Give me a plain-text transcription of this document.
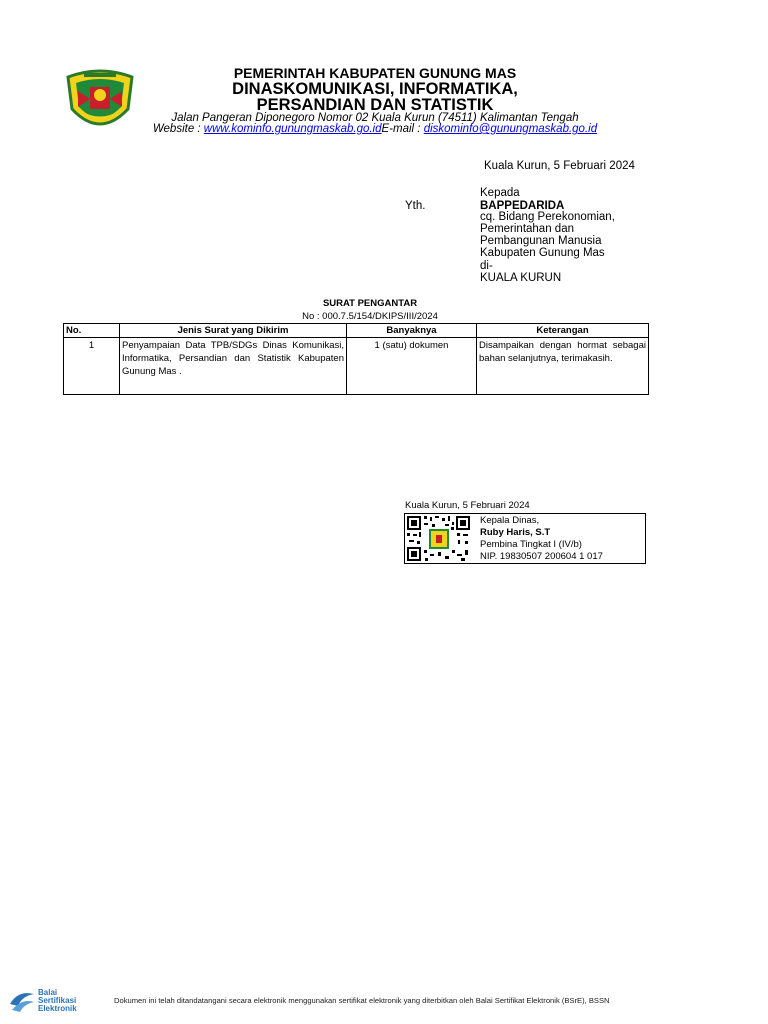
PEMERINTAH KABUPATEN GUNUNG MAS
DINASKOMUNIKASI, INFORMATIKA,
PERSANDIAN DAN STATISTIK
Jalan Pangeran Diponegoro Nomor 02 Kuala Kurun (74511) Kalimantan Tengah
Website : www.kominfo.gunungmaskab.go.idE-mail : diskominfo@gunungmaskab.go.id
Kuala Kurun, 5 Februari 2024
Kepada
Yth.	BAPPEDARIDA
cq. Bidang Perekonomian,
Pemerintahan dan
Pembangunan Manusia
Kabupaten Gunung Mas
di-
KUALA KURUN
SURAT PENGANTAR
No : 000.7.5/154/DKIPS/III/2024
No.	Jenis Surat yang Dikirim	Banyaknya	Keterangan
1	Penyampaian Data TPB/SDGs Dinas Komunikasi, Informatika, Persandian dan Statistik Kabupaten Gunung Mas .	1 (satu) dokumen	Disampaikan dengan hormat sebagai bahan selanjutnya, terimakasih.
Kuala Kurun, 5 Februari 2024
Kepala Dinas,
Ruby Haris, S.T
Pembina Tingkat I (IV/b)
NIP. 19830507 200604 1 017
Balai
Sertifikasi
Elektronik
Dokumen ini telah ditandatangani secara elektronik menggunakan sertifikat elektronik yang diterbitkan oleh Balai Sertifikat Elektronik (BSrE), BSSN
